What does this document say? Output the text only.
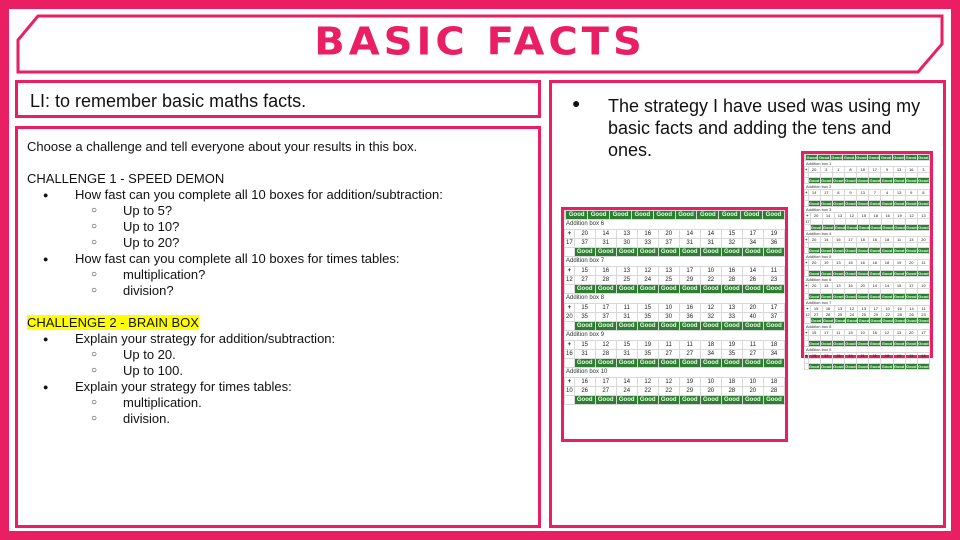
BASIC FACTS
LI: to remember basic maths facts.
Choose a challenge and tell everyone about your results in this box.
CHALLENGE 1 - SPEED DEMON
● How fast can you complete all 10 boxes for addition/subtraction:
○ Up to 5?
○ Up to 10?
○ Up to 20?
● How fast can you complete all 10 boxes for times tables:
○ multiplication?
○ division?
CHALLENGE 2 - BRAIN BOX
● Explain your strategy for addition/subtraction:
○ Up to 20.
○ Up to 100.
● Explain your strategy for times tables:
○ multiplication.
○ division.
● The strategy I have used was using my basic facts and adding the tens and ones.
		Good	Good	Good	Good	Good	Good	Good	Good	Good	Good
Addition box 1
+	20	3	1	8	18	17	9	13	16	3

	Good	Good	Good	Good	Good	Good	Good	Good	Good	Good
Addition box 2
+	14	17	8	9	13	7	4	13	9	8

	Good	Good	Good	Good	Good	Good	Good	Good	Good	Good
Addition box 3
+	20	14	13	12	15	18	16	19	12	13
17										
	Good	Good	Good	Good	Good	Good	Good	Good	Good	Good
Addition box 4
+	20	14	16	17	18	16	18	11	13	20

	Good	Good	Good	Good	Good	Good	Good	Good	Good	Good
Addition box 5
+	20	19	13	15	16	18	18	19	20	11

	Good	Good	Good	Good	Good	Good	Good	Good	Good	Good
Addition box 6
+	20	14	13	16	20	14	14	15	17	19

	Good	Good	Good	Good	Good	Good	Good	Good	Good	Good
Addition box 7
+	15	16	13	12	13	17	10	16	14	11
12	27	28	25	24	25	29	22	28	26	23
	Good	Good	Good	Good	Good	Good	Good	Good	Good	Good
Addition box 8
+	15	17	11	15	10	16	12	13	20	17

	Good	Good	Good	Good	Good	Good	Good	Good	Good	Good
Addition box 9
+	15	12	15	19	11	11	18	19	11	18

	Good	Good	Good	Good	Good	Good	Good	Good	Good	Good
	Good	Good	Good	Good	Good	Good	Good	Good	Good	Good
Addition box 6
+	20	14	13	16	20	14	14	15	17	19
17	37	31	30	33	37	31	31	32	34	36
	Good	Good	Good	Good	Good	Good	Good	Good	Good	Good
Addition box 7
+	15	16	13	12	13	17	10	16	14	11
12	27	28	25	24	25	29	22	28	26	23
	Good	Good	Good	Good	Good	Good	Good	Good	Good	Good
Addition box 8
+	15	17	11	15	10	16	12	13	20	17
20	35	37	31	35	30	36	32	33	40	37
	Good	Good	Good	Good	Good	Good	Good	Good	Good	Good
Addition box 9
+	15	12	15	19	11	11	18	19	11	18
16	31	28	31	35	27	27	34	35	27	34
	Good	Good	Good	Good	Good	Good	Good	Good	Good	Good
Addition box 10
+	16	17	14	12	12	19	10	18	10	18
10	26	27	24	22	22	29	20	28	20	28
	Good	Good	Good	Good	Good	Good	Good	Good	Good	Good
